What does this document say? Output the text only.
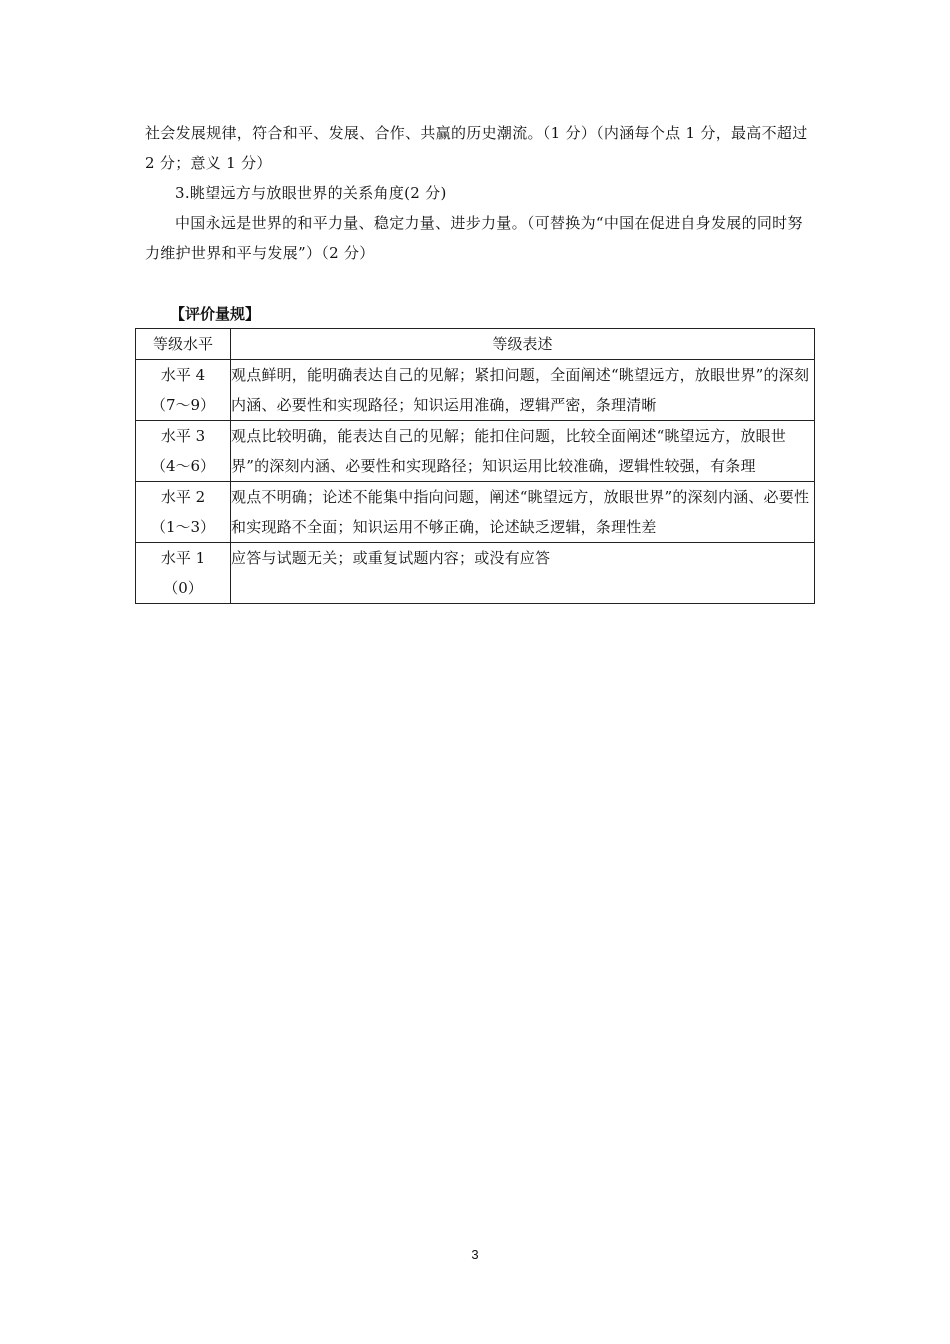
社会发展规律，符合和平、发展、合作、共赢的历史潮流。（1 分）（内涵每个点 1 分，最高不超过 2 分；意义 1 分）

3.眺望远方与放眼世界的关系角度(2 分)

中国永远是世界的和平力量、稳定力量、进步力量。（可替换为“中国在促进自身发展的同时努力维护世界和平与发展”）（2 分）

【评价量规】

等级水平	等级表述

水平 4
（7～9）	观点鲜明，能明确表达自己的见解；紧扣问题，全面阐述“眺望远方，放眼世界”的深刻内涵、必要性和实现路径；知识运用准确，逻辑严密，条理清晰

水平 3
（4～6）	观点比较明确，能表达自己的见解；能扣住问题，比较全面阐述“眺望远方，放眼世界”的深刻内涵、必要性和实现路径；知识运用比较准确，逻辑性较强，有条理

水平 2
（1～3）	观点不明确；论述不能集中指向问题，阐述“眺望远方，放眼世界”的深刻内涵、必要性和实现路不全面；知识运用不够正确，论述缺乏逻辑，条理性差

水平 1
（0）	应答与试题无关；或重复试题内容；或没有应答
3
